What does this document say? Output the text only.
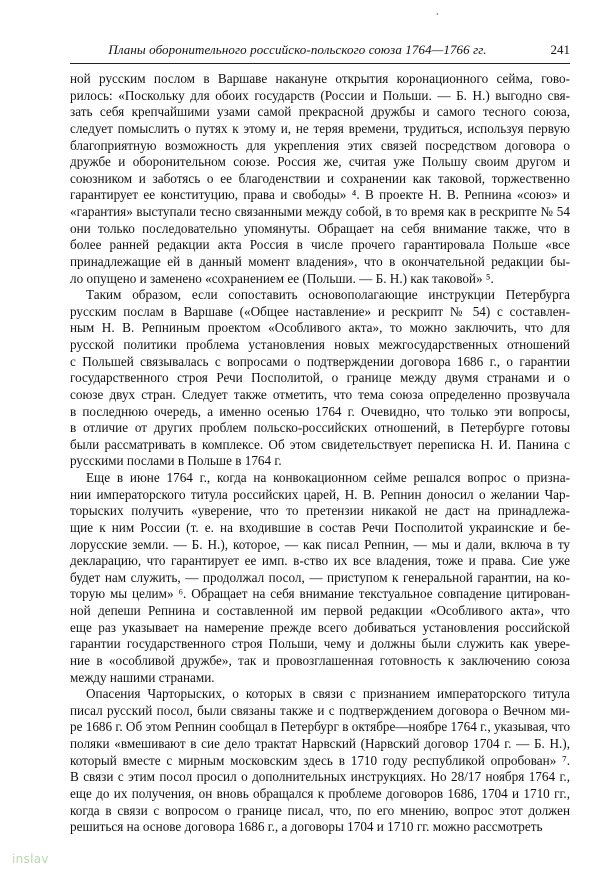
•
Планы оборонительного российско-польского союза 1764—1766 гг.	241
ной русским послом в Варшаве накануне открытия коронационного сейма, гово-
рилось: «Поскольку для обоих государств (России и Польши. — Б. Н.) выгодно свя-
зать себя крепчайшими узами самой прекрасной дружбы и самого тесного союза,
следует помыслить о путях к этому и, не теряя времени, трудиться, используя первую
благоприятную возможность для укрепления этих связей посредством договора о
дружбе и оборонительном союзе. Россия же, считая уже Польшу своим другом и
союзником и заботясь о ее благоденствии и сохранении как таковой, торжественно
гарантирует ее конституцию, права и свободы» ⁴. В проекте Н. В. Репнина «союз» и
«гарантия» выступали тесно связанными между собой, в то время как в рескрипте № 54
они только последовательно упомянуты. Обращает на себя внимание также, что в
более ранней редакции акта Россия в числе прочего гарантировала Польше «все
принадлежащие ей в данный момент владения», что в окончательной редакции бы-
ло опущено и заменено «сохранением ее (Польши. — Б. Н.) как таковой» ⁵.
Таким образом, если сопоставить основополагающие инструкции Петербурга
русским послам в Варшаве («Общее наставление» и рескрипт № 54) с составлен-
ным Н. В. Репниным проектом «Особливого акта», то можно заключить, что для
русской политики проблема установления новых межгосударственных отношений
с Польшей связывалась с вопросами о подтверждении договора 1686 г., о гарантии
государственного строя Речи Посполитой, о границе между двумя странами и о
союзе двух стран. Следует также отметить, что тема союза определенно прозвучала
в последнюю очередь, а именно осенью 1764 г. Очевидно, что только эти вопросы,
в отличие от других проблем польско-российских отношений, в Петербурге готовы
были рассматривать в комплексе. Об этом свидетельствует переписка Н. И. Панина с
русскими послами в Польше в 1764 г.
Еще в июне 1764 г., когда на конвокационном сейме решался вопрос о призна-
нии императорского титула российских царей, Н. В. Репнин доносил о желании Чар-
торыских получить «уверение, что то претензии никакой не даст на принадлежа-
щие к ним России (т. е. на входившие в состав Речи Посполитой украинские и бе-
лорусские земли. — Б. Н.), которое, — как писал Репнин, — мы и дали, включа в ту
декларацию, что гарантирует ее имп. в-ство их все владения, тоже и права. Сие уже
будет нам служить, — продолжал посол, — приступом к генеральной гарантии, на ко-
торую мы целим» ⁶. Обращает на себя внимание текстуальное совпадение цитирован-
ной депеши Репнина и составленной им первой редакции «Особливого акта», что
еще раз указывает на намерение прежде всего добиваться установления российской
гарантии государственного строя Польши, чему и должны были служить как увере-
ние в «особливой дружбе», так и провозглашенная готовность к заключению союза
между нашими странами.
Опасения Чарторыских, о которых в связи с признанием императорского титула
писал русский посол, были связаны также и с подтверждением договора о Вечном ми-
ре 1686 г. Об этом Репнин сообщал в Петербург в октябре—ноябре 1764 г., указывая, что
поляки «вмешивают в сие дело трактат Нарвский (Нарвский договор 1704 г. — Б. Н.),
который вместе с мирным московским здесь в 1710 году республикой опробован» ⁷.
В связи с этим посол просил о дополнительных инструкциях. Но 28/17 ноября 1764 г.,
еще до их получения, он вновь обращался к проблеме договоров 1686, 1704 и 1710 гг.,
когда в связи с вопросом о границе писал, что, по его мнению, вопрос этот должен
решиться на основе договора 1686 г., а договоры 1704 и 1710 гг. можно рассмотреть
inslav
